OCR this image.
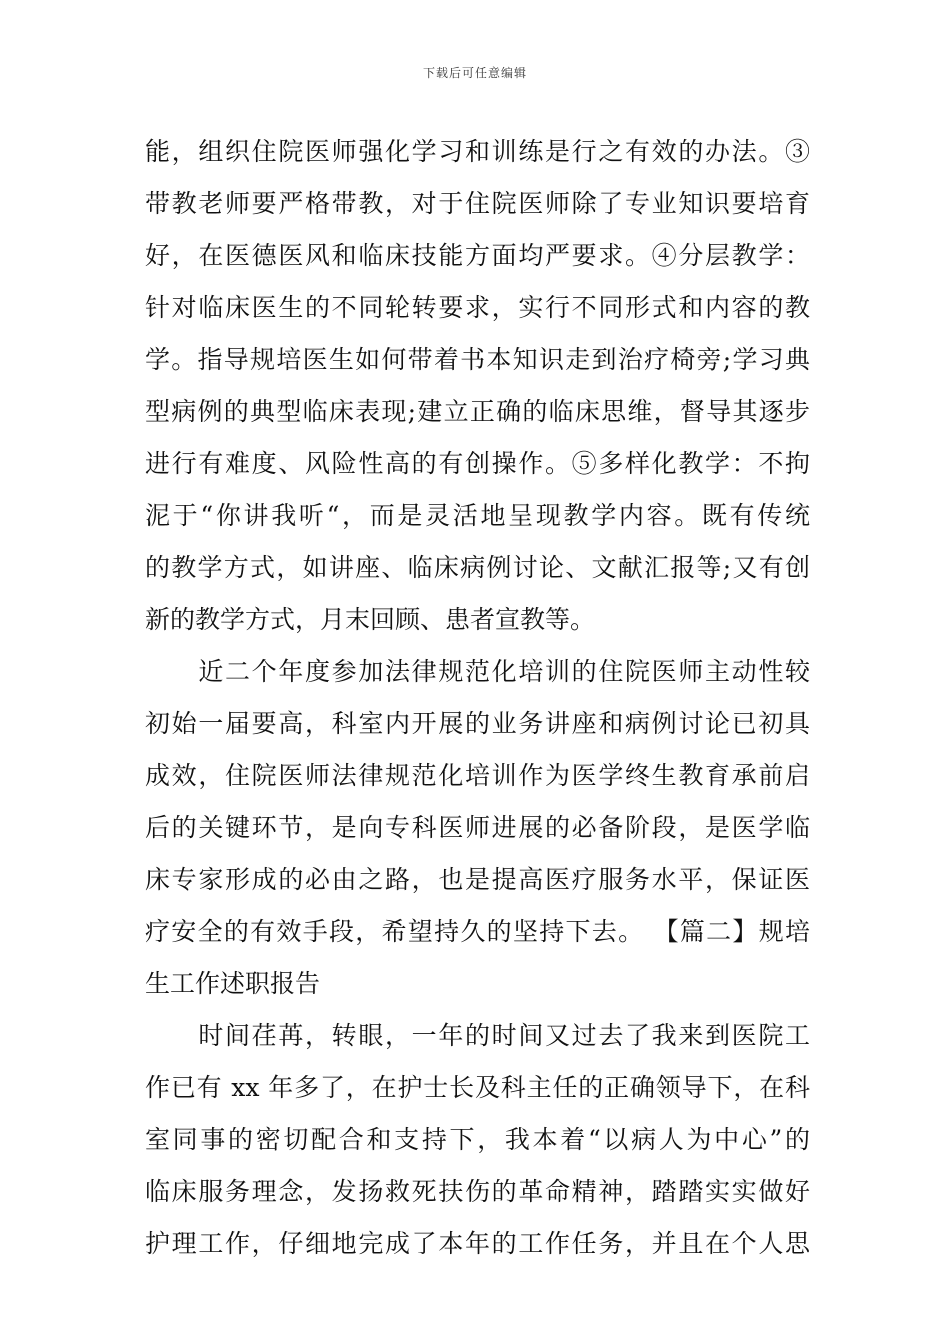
下载后可任意编辑
能，组织住院医师强化学习和训练是行之有效的办法。③
带教老师要严格带教，对于住院医师除了专业知识要培育
好，在医德医风和临床技能方面均严要求。④分层教学：
针对临床医生的不同轮转要求，实行不同形式和内容的教
学。指导规培医生如何带着书本知识走到治疗椅旁;学习典
型病例的典型临床表现;建立正确的临床思维，督导其逐步
进行有难度、风险性高的有创操作。⑤多样化教学：不拘
泥于“你讲我听“，而是灵活地呈现教学内容。既有传统
的教学方式，如讲座、临床病例讨论、文献汇报等;又有创
新的教学方式，月末回顾、患者宣教等。
　　近二个年度参加法律规范化培训的住院医师主动性较
初始一届要高，科室内开展的业务讲座和病例讨论已初具
成效，住院医师法律规范化培训作为医学终生教育承前启
后的关键环节，是向专科医师进展的必备阶段，是医学临
床专家形成的必由之路，也是提高医疗服务水平，保证医
疗安全的有效手段，希望持久的坚持下去。 【篇二】规培
生工作述职报告
　　时间荏苒，转眼，一年的时间又过去了我来到医院工
作已有 xx 年多了，在护士长及科主任的正确领导下，在科
室同事的密切配合和支持下，我本着“以病人为中心”的
临床服务理念，发扬救死扶伤的革命精神，踏踏实实做好
护理工作，仔细地完成了本年的工作任务，并且在个人思
